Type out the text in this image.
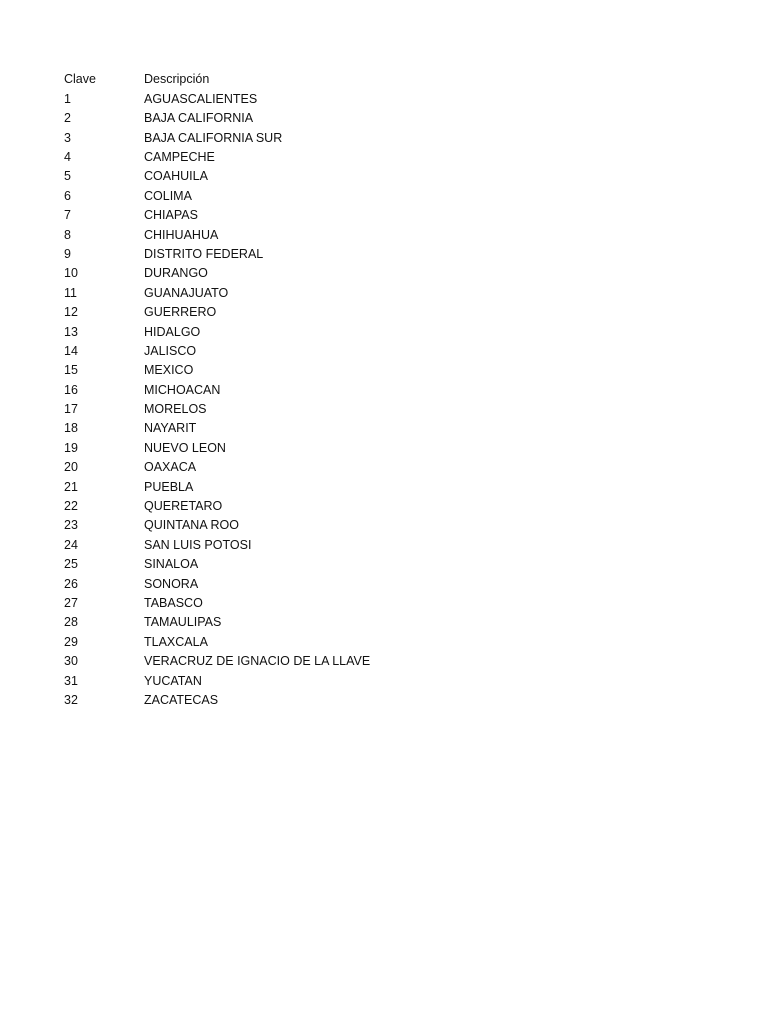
Clave	Descripción
1	AGUASCALIENTES
2	BAJA CALIFORNIA
3	BAJA CALIFORNIA SUR
4	CAMPECHE
5	COAHUILA
6	COLIMA
7	CHIAPAS
8	CHIHUAHUA
9	DISTRITO FEDERAL
10	DURANGO
11	GUANAJUATO
12	GUERRERO
13	HIDALGO
14	JALISCO
15	MEXICO
16	MICHOACAN
17	MORELOS
18	NAYARIT
19	NUEVO LEON
20	OAXACA
21	PUEBLA
22	QUERETARO
23	QUINTANA ROO
24	SAN LUIS POTOSI
25	SINALOA
26	SONORA
27	TABASCO
28	TAMAULIPAS
29	TLAXCALA
30	VERACRUZ DE IGNACIO DE LA LLAVE
31	YUCATAN
32	ZACATECAS
